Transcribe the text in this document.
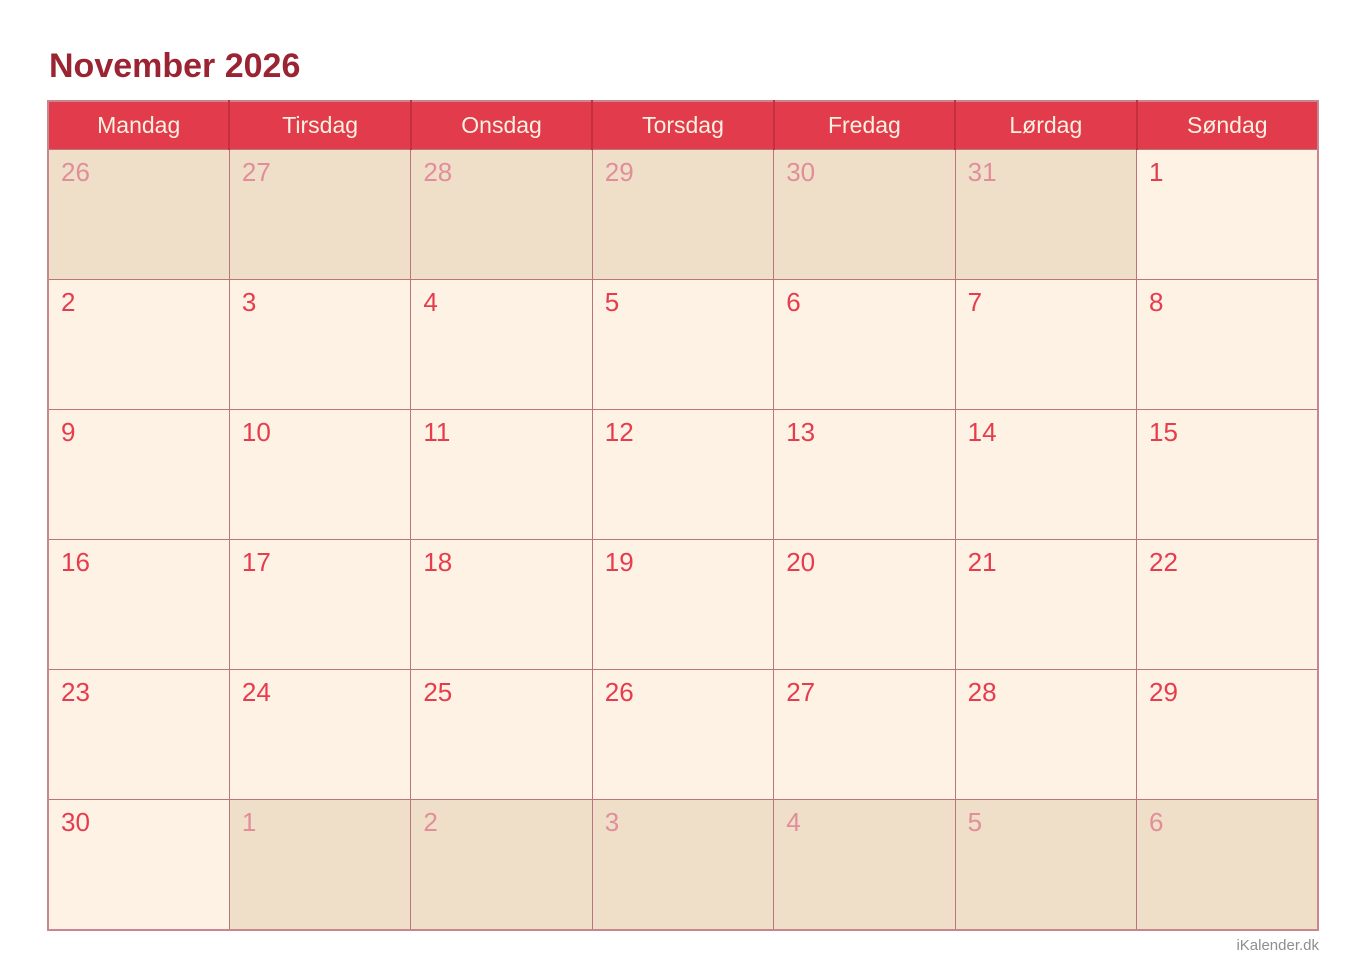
November 2026
Mandag	Tirsdag	Onsdag	Torsdag	Fredag	Lørdag	Søndag
26	27	28	29	30	31	1
2	3	4	5	6	7	8
9	10	11	12	13	14	15
16	17	18	19	20	21	22
23	24	25	26	27	28	29
30	1	2	3	4	5	6
iKalender.dk
